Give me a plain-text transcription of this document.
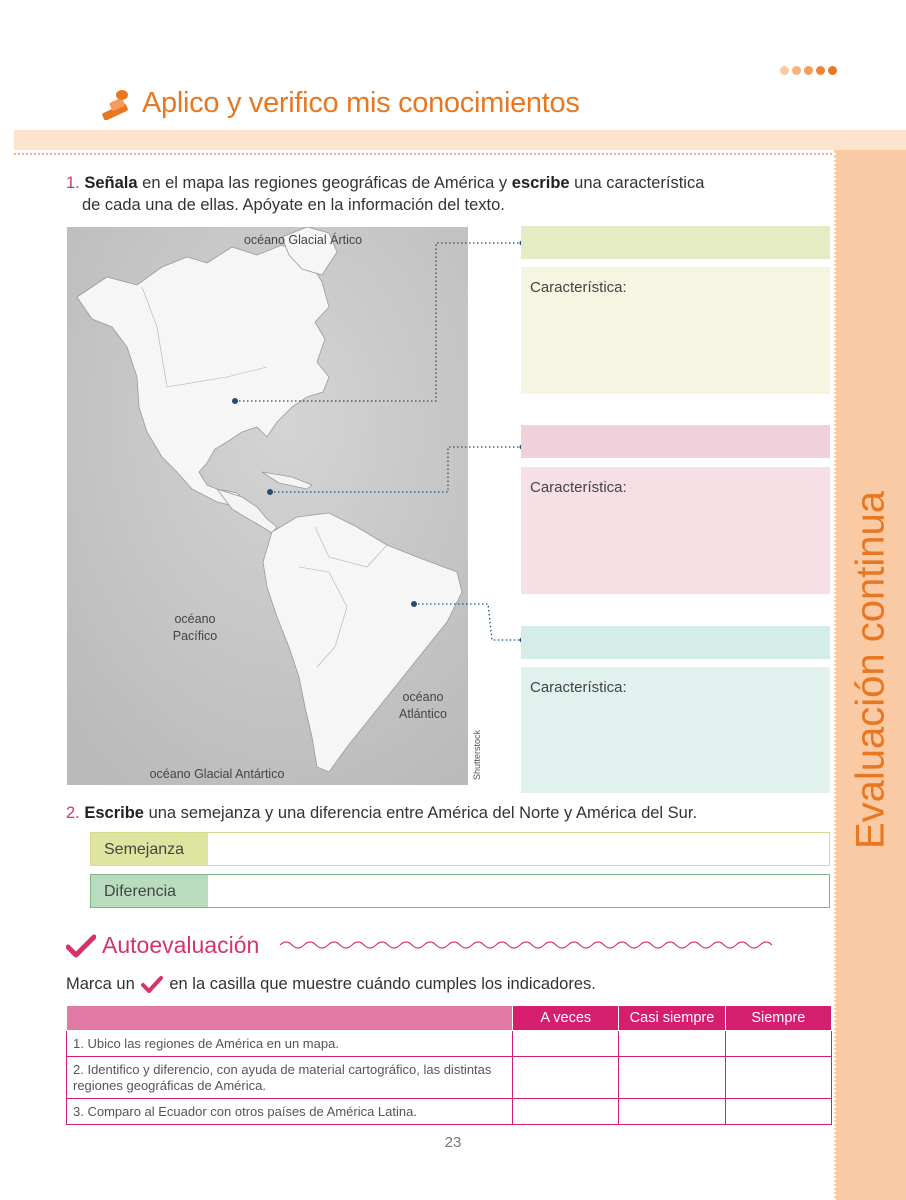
Aplico y verifico mis conocimientos
Evaluación continua
1. Señala en el mapa las regiones geográficas de América y escribe una característica
de cada una de ellas. Apóyate en la información del texto.
océano Glacial Ártico
océano
Pacífico
océano
Atlántico
océano Glacial Antártico	Shutterstock
Característica:
Característica:
Característica:
2. Escribe una semejanza y una diferencia entre América del Norte y América del Sur.
Semejanza
Diferencia
Autoevaluación
Marca un en la casilla que muestre cuándo cumples los indicadores.
	A veces	Casi siempre	Siempre
1. Ubico las regiones de América en un mapa.			
2. Identifico y diferencio, con ayuda de material cartográfico, las distintas regiones geográficas de América.			
3. Comparo al Ecuador con otros países de América Latina.			
23
